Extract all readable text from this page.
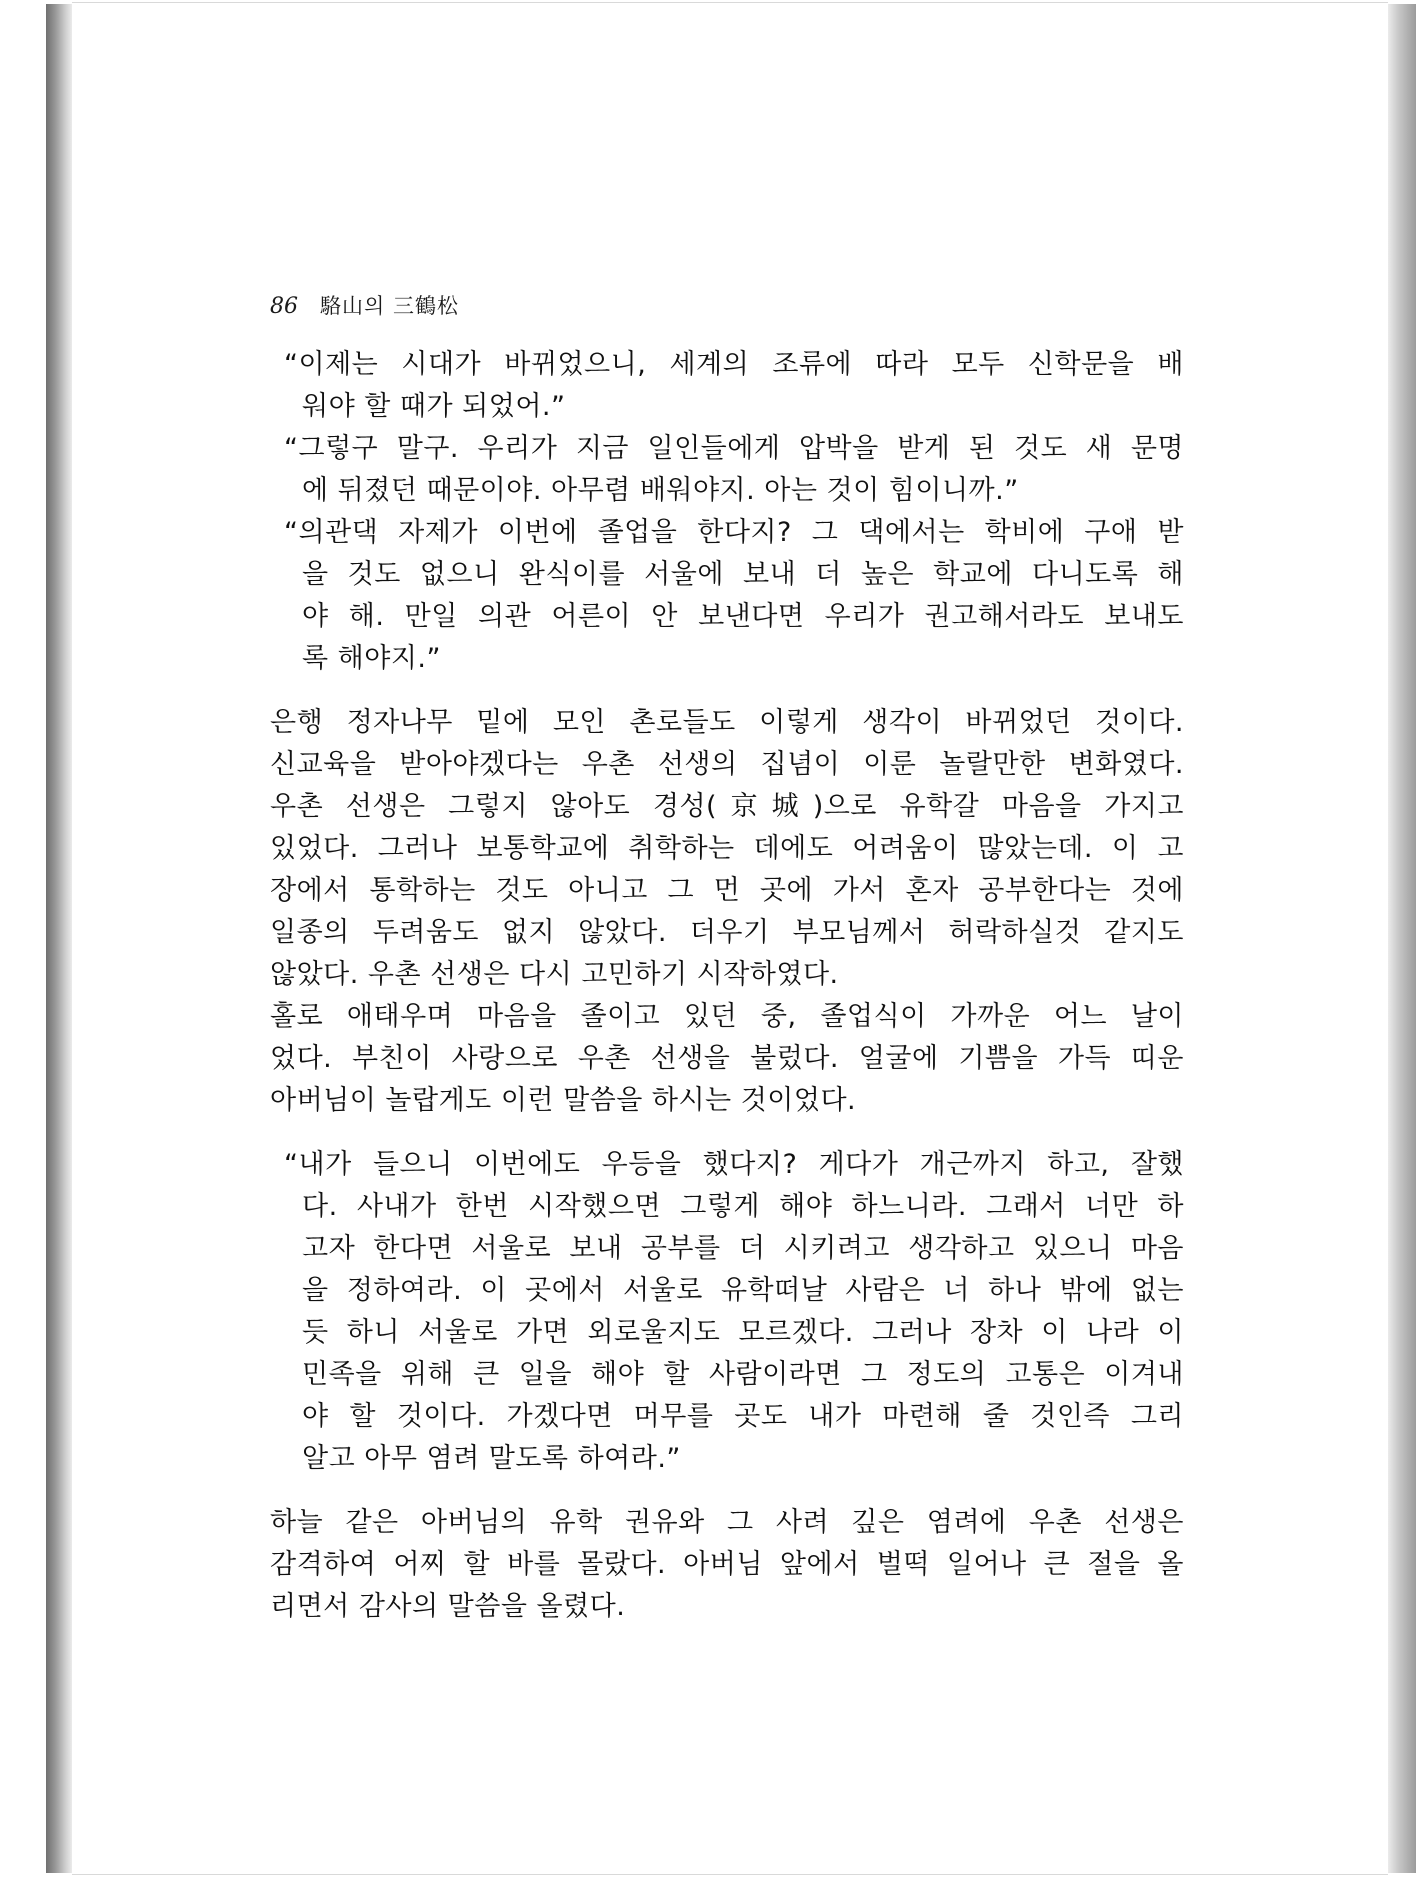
86 駱山의 三鶴松
“이제는 시대가 바뀌었으니, 세계의 조류에 따라 모두 신학문을 배
워야 할 때가 되었어.”
“그렇구 말구. 우리가 지금 일인들에게 압박을 받게 된 것도 새 문명
에 뒤졌던 때문이야. 아무렴 배워야지. 아는 것이 힘이니까.”
“의관댁 자제가 이번에 졸업을 한다지? 그 댁에서는 학비에 구애 받
을 것도 없으니 완식이를 서울에 보내 더 높은 학교에 다니도록 해
야 해. 만일 의관 어른이 안 보낸다면 우리가 권고해서라도 보내도
록 해야지.”
은행 정자나무 밑에 모인 촌로들도 이렇게 생각이 바뀌었던 것이다.
신교육을 받아야겠다는 우촌 선생의 집념이 이룬 놀랄만한 변화였다.
우촌 선생은 그렇지 않아도 경성(京城)으로 유학갈 마음을 가지고
있었다. 그러나 보통학교에 취학하는 데에도 어려움이 많았는데. 이 고
장에서 통학하는 것도 아니고 그 먼 곳에 가서 혼자 공부한다는 것에
일종의 두려움도 없지 않았다. 더우기 부모님께서 허락하실것 같지도
않았다. 우촌 선생은 다시 고민하기 시작하였다.
홀로 애태우며 마음을 졸이고 있던 중, 졸업식이 가까운 어느 날이
었다. 부친이 사랑으로 우촌 선생을 불렀다. 얼굴에 기쁨을 가득 띠운
아버님이 놀랍게도 이런 말씀을 하시는 것이었다.
“내가 들으니 이번에도 우등을 했다지? 게다가 개근까지 하고, 잘했
다. 사내가 한번 시작했으면 그렇게 해야 하느니라. 그래서 너만 하
고자 한다면 서울로 보내 공부를 더 시키려고 생각하고 있으니 마음
을 정하여라. 이 곳에서 서울로 유학떠날 사람은 너 하나 밖에 없는
듯 하니 서울로 가면 외로울지도 모르겠다. 그러나 장차 이 나라 이
민족을 위해 큰 일을 해야 할 사람이라면 그 정도의 고통은 이겨내
야 할 것이다. 가겠다면 머무를 곳도 내가 마련해 줄 것인즉 그리
알고 아무 염려 말도록 하여라.”
하늘 같은 아버님의 유학 권유와 그 사려 깊은 염려에 우촌 선생은
감격하여 어찌 할 바를 몰랐다. 아버님 앞에서 벌떡 일어나 큰 절을 올
리면서 감사의 말씀을 올렸다.
